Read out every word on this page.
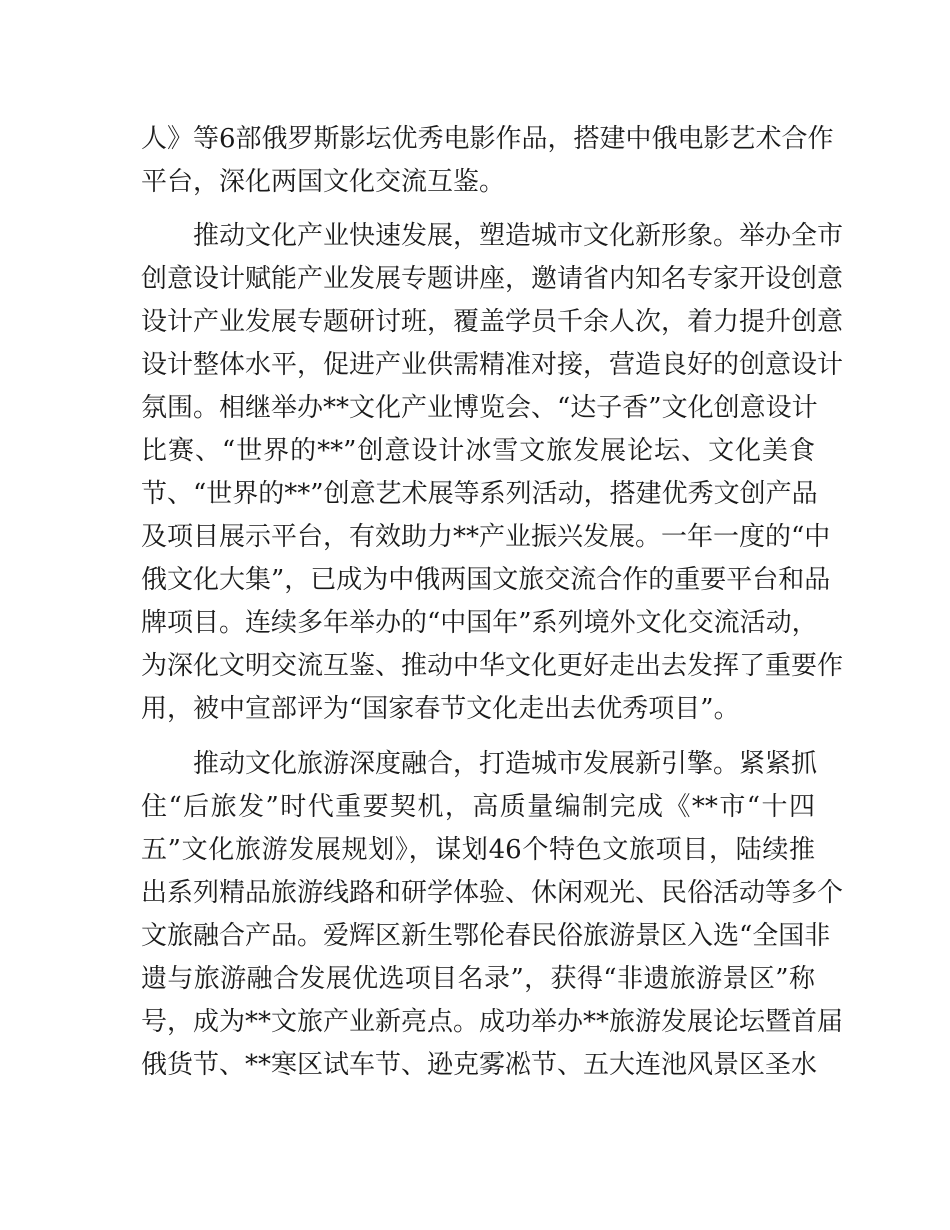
人》等6部俄罗斯影坛优秀电影作品，搭建中俄电影艺术合作
平台，深化两国文化交流互鉴。
推动文化产业快速发展，塑造城市文化新形象。举办全市
创意设计赋能产业发展专题讲座，邀请省内知名专家开设创意
设计产业发展专题研讨班，覆盖学员千余人次，着力提升创意
设计整体水平，促进产业供需精准对接，营造良好的创意设计
氛围。相继举办**文化产业博览会、“达子香”文化创意设计
比赛、“世界的**”创意设计冰雪文旅发展论坛、文化美食
节、“世界的**”创意艺术展等系列活动，搭建优秀文创产品
及项目展示平台，有效助力**产业振兴发展。一年一度的“中
俄文化大集”，已成为中俄两国文旅交流合作的重要平台和品
牌项目。连续多年举办的“中国年”系列境外文化交流活动，
为深化文明交流互鉴、推动中华文化更好走出去发挥了重要作
用，被中宣部评为“国家春节文化走出去优秀项目”。
推动文化旅游深度融合，打造城市发展新引擎。紧紧抓
住“后旅发”时代重要契机，高质量编制完成《**市“十四
五”文化旅游发展规划》，谋划46个特色文旅项目，陆续推
出系列精品旅游线路和研学体验、休闲观光、民俗活动等多个
文旅融合产品。爱辉区新生鄂伦春民俗旅游景区入选“全国非
遗与旅游融合发展优选项目名录”，获得“非遗旅游景区”称
号，成为**文旅产业新亮点。成功举办**旅游发展论坛暨首届
俄货节、**寒区试车节、逊克雾凇节、五大连池风景区圣水
